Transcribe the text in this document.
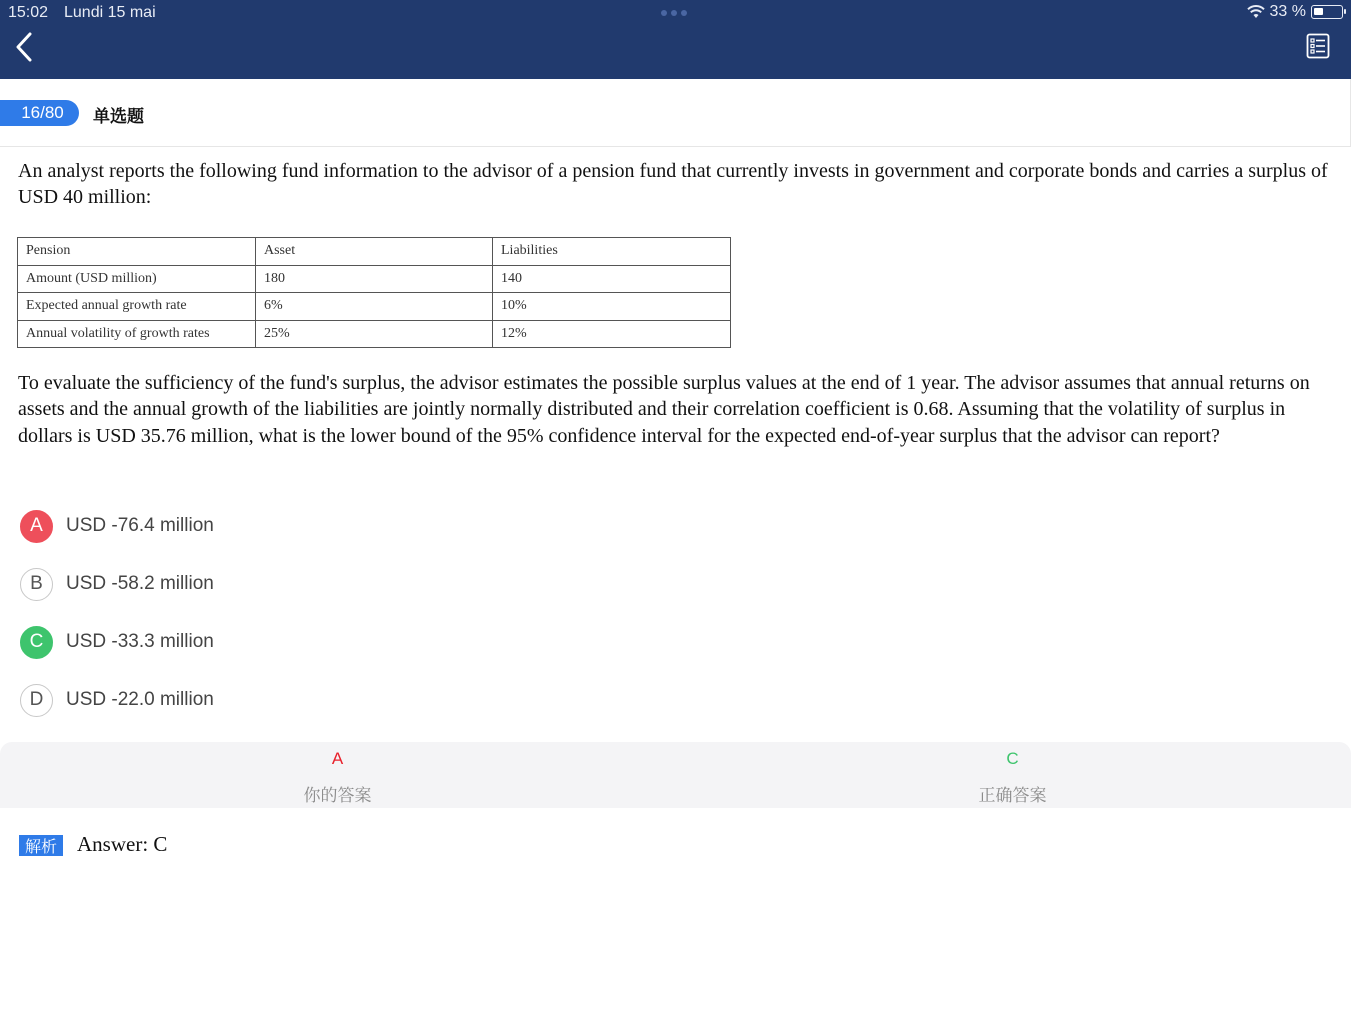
15:02 Lundi 15 mai	33 %
16/80	单选题
An analyst reports the following fund information to the advisor of a pension fund that currently invests in government and corporate bonds and carries a surplus of USD 40 million:
Pension	Asset	Liabilities
Amount (USD million)	180	140
Expected annual growth rate	6%	10%
Annual volatility of growth rates	25%	12%
To evaluate the sufficiency of the fund's surplus, the advisor estimates the possible surplus values at the end of 1 year. The advisor assumes that annual returns on assets and the annual growth of the liabilities are jointly normally distributed and their correlation coefficient is 0.68. Assuming that the volatility of surplus in dollars is USD 35.76 million, what is the lower bound of the 95% confidence interval for the expected end-of-year surplus that the advisor can report?
A	USD -76.4 million
B	USD -58.2 million
C	USD -33.3 million
D	USD -22.0 million
A
你的答案
C
正确答案
解析 Answer: C
